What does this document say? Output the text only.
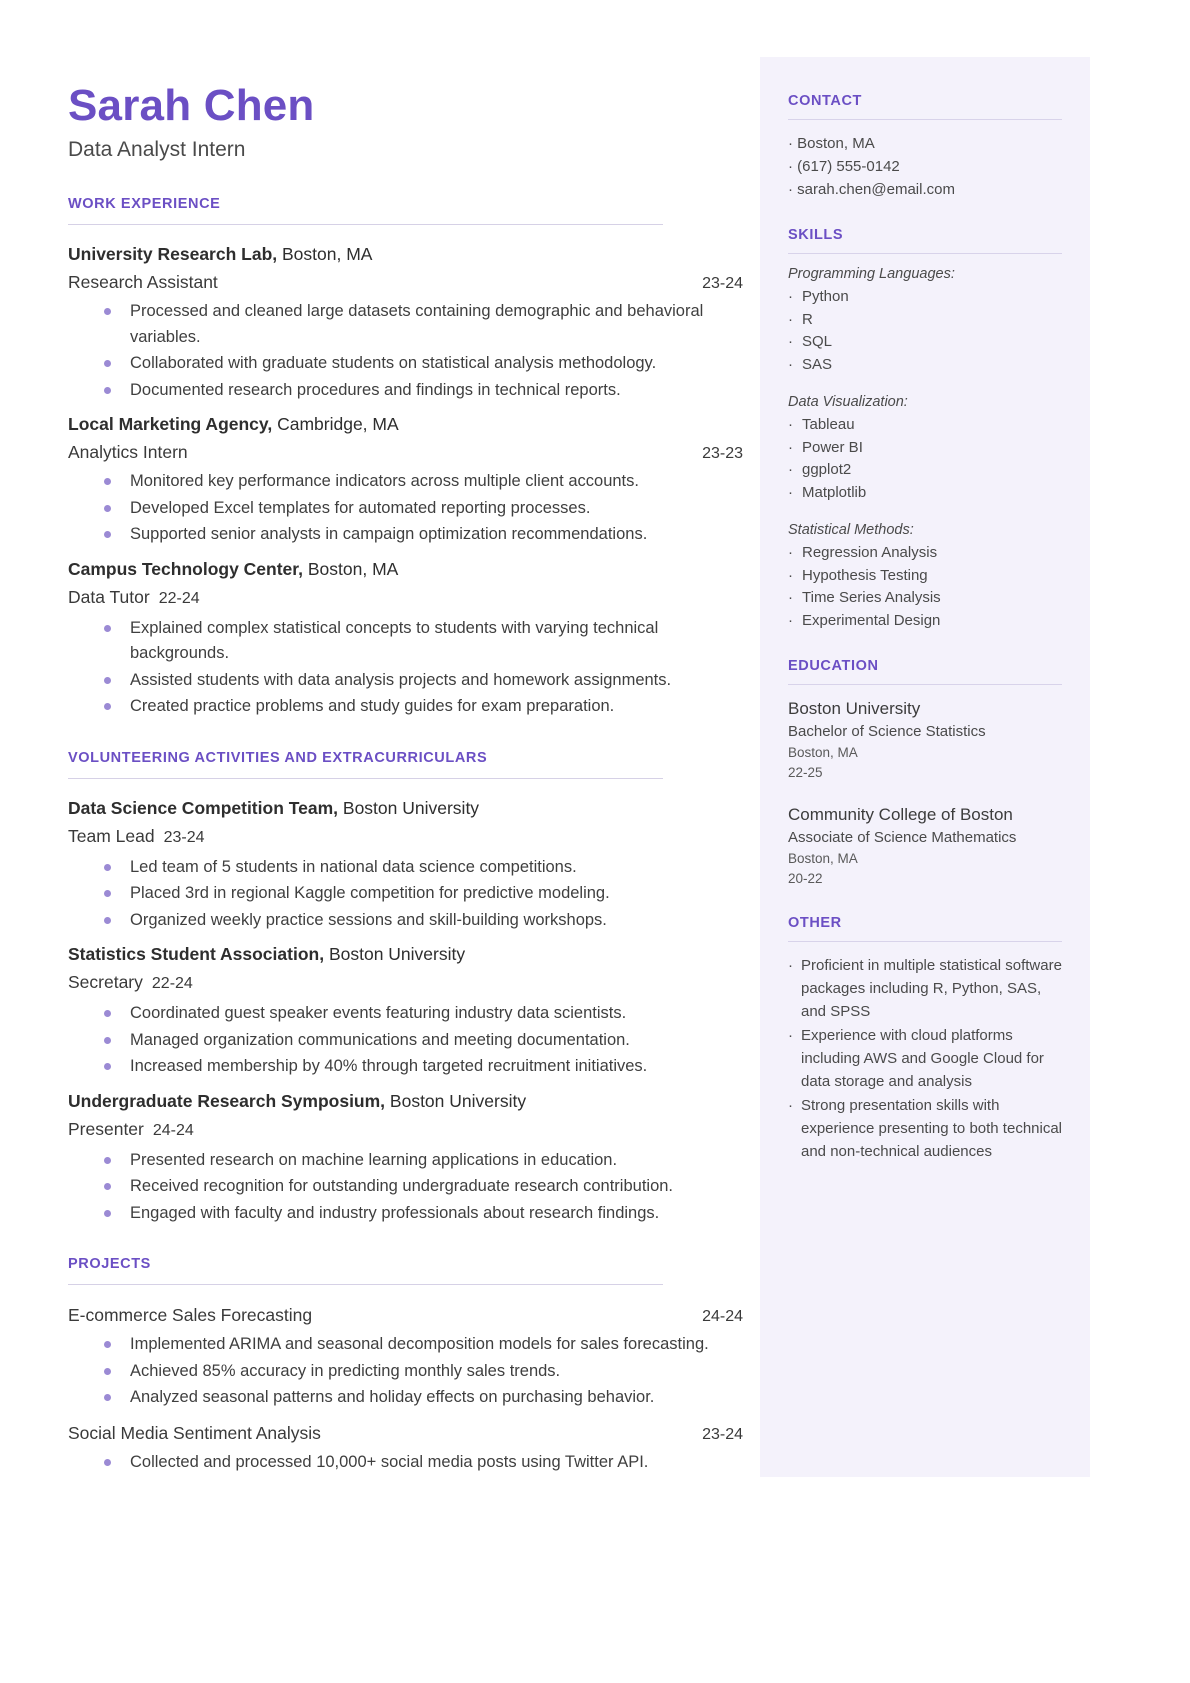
CONTACT
· Boston, MA
· (617) 555-0142
· sarah.chen@email.com
SKILLS
Programming Languages:
· Python
· R
· SQL
· SAS
Data Visualization:
· Tableau
· Power BI
· ggplot2
· Matplotlib
Statistical Methods:
· Regression Analysis
· Hypothesis Testing
· Time Series Analysis
· Experimental Design
EDUCATION
Boston University
Bachelor of Science Statistics
Boston, MA
22-25
Community College of Boston
Associate of Science Mathematics
Boston, MA
20-22
OTHER
· Proficient in multiple statistical software packages including R, Python, SAS, and SPSS
· Experience with cloud platforms including AWS and Google Cloud for data storage and analysis
· Strong presentation skills with experience presenting to both technical and non-technical audiences
Sarah Chen
Data Analyst Intern
WORK EXPERIENCE
University Research Lab, Boston, MA
Research Assistant	23-24
Processed and cleaned large datasets containing demographic and behavioral variables.
Collaborated with graduate students on statistical analysis methodology.
Documented research procedures and findings in technical reports.
Local Marketing Agency, Cambridge, MA
Analytics Intern	23-23
Monitored key performance indicators across multiple client accounts.
Developed Excel templates for automated reporting processes.
Supported senior analysts in campaign optimization recommendations.
Campus Technology Center, Boston, MA
Data Tutor 22-24
Explained complex statistical concepts to students with varying technical backgrounds.
Assisted students with data analysis projects and homework assignments.
Created practice problems and study guides for exam preparation.
VOLUNTEERING ACTIVITIES AND EXTRACURRICULARS
Data Science Competition Team, Boston University
Team Lead 23-24
Led team of 5 students in national data science competitions.
Placed 3rd in regional Kaggle competition for predictive modeling.
Organized weekly practice sessions and skill-building workshops.
Statistics Student Association, Boston University
Secretary 22-24
Coordinated guest speaker events featuring industry data scientists.
Managed organization communications and meeting documentation.
Increased membership by 40% through targeted recruitment initiatives.
Undergraduate Research Symposium, Boston University
Presenter 24-24
Presented research on machine learning applications in education.
Received recognition for outstanding undergraduate research contribution.
Engaged with faculty and industry professionals about research findings.
PROJECTS
E-commerce Sales Forecasting	24-24
Implemented ARIMA and seasonal decomposition models for sales forecasting.
Achieved 85% accuracy in predicting monthly sales trends.
Analyzed seasonal patterns and holiday effects on purchasing behavior.
Social Media Sentiment Analysis	23-24
Collected and processed 10,000+ social media posts using Twitter API.
